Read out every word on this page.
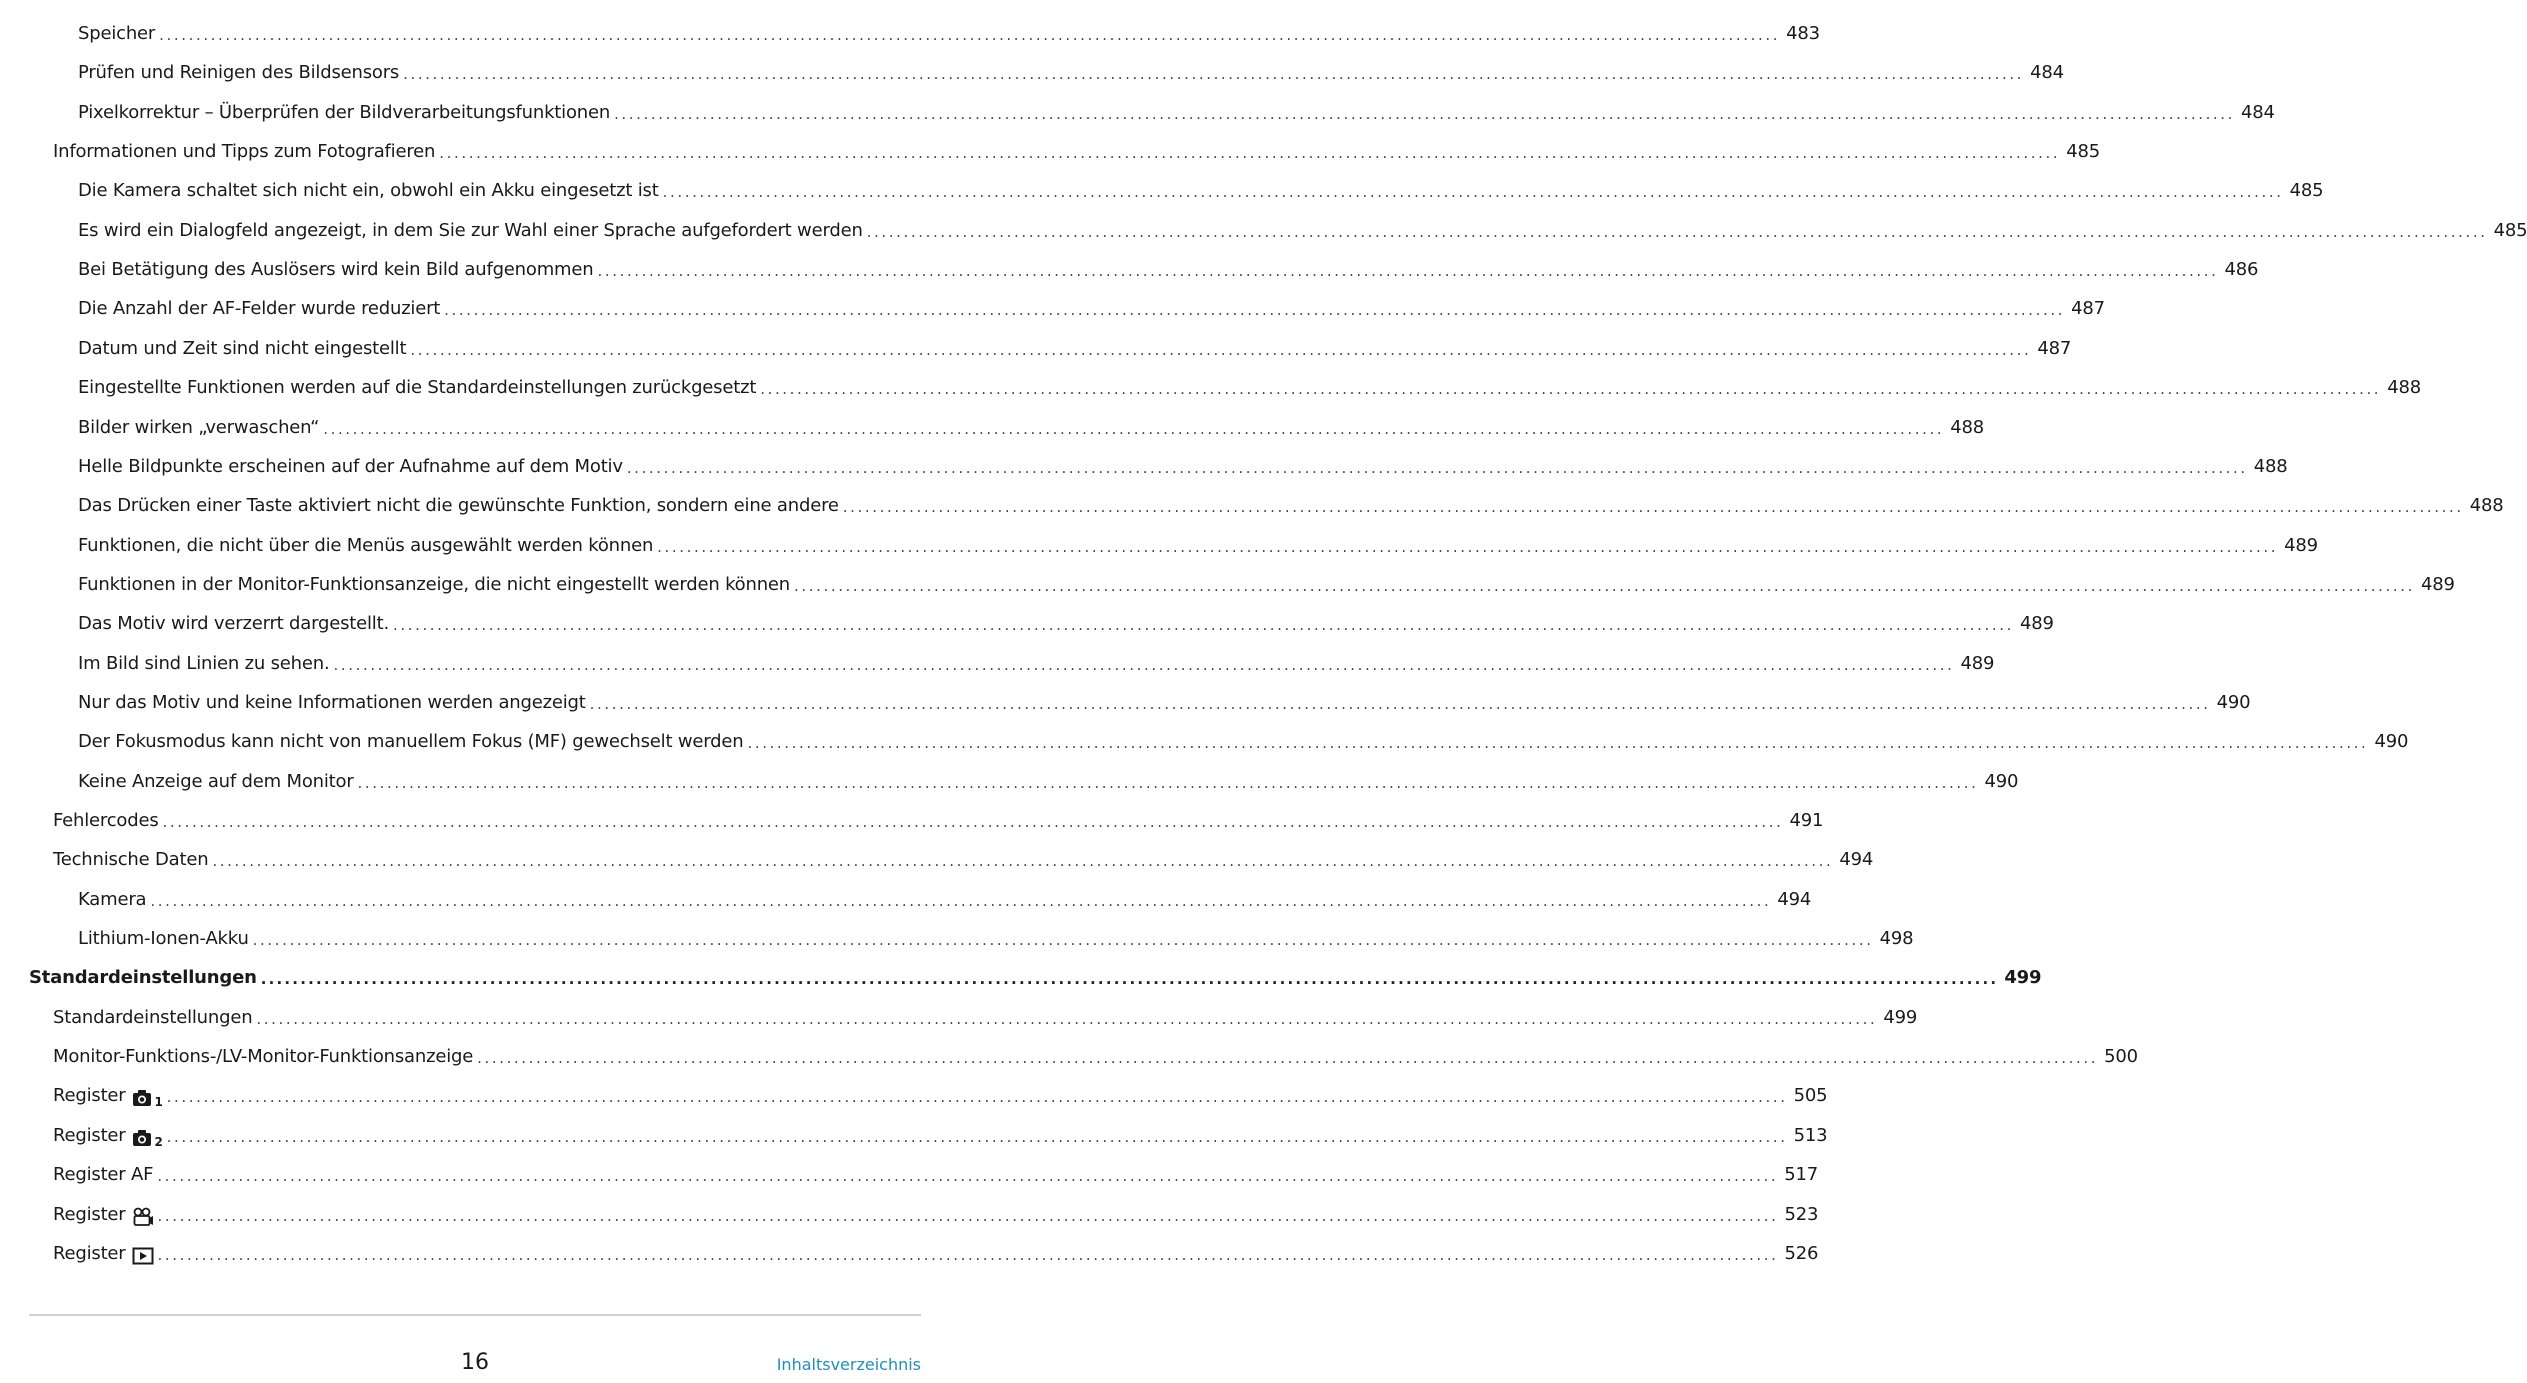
Speicher ............................................................................................................................................................................................................................ 483
Prüfen und Reinigen des Bildsensors ............................................................................................................................................................................................................................ 484
Pixelkorrektur – Überprüfen der Bildverarbeitungsfunktionen ............................................................................................................................................................................................................................ 484
Informationen und Tipps zum Fotografieren ............................................................................................................................................................................................................................ 485
Die Kamera schaltet sich nicht ein, obwohl ein Akku eingesetzt ist ............................................................................................................................................................................................................................ 485
Es wird ein Dialogfeld angezeigt, in dem Sie zur Wahl einer Sprache aufgefordert werden ............................................................................................................................................................................................................................ 485
Bei Betätigung des Auslösers wird kein Bild aufgenommen ............................................................................................................................................................................................................................ 486
Die Anzahl der AF-Felder wurde reduziert ............................................................................................................................................................................................................................ 487
Datum und Zeit sind nicht eingestellt ............................................................................................................................................................................................................................ 487
Eingestellte Funktionen werden auf die Standardeinstellungen zurückgesetzt ............................................................................................................................................................................................................................ 488
Bilder wirken „verwaschen“ ............................................................................................................................................................................................................................ 488
Helle Bildpunkte erscheinen auf der Aufnahme auf dem Motiv ............................................................................................................................................................................................................................ 488
Das Drücken einer Taste aktiviert nicht die gewünschte Funktion, sondern eine andere ............................................................................................................................................................................................................................ 488
Funktionen, die nicht über die Menüs ausgewählt werden können ............................................................................................................................................................................................................................ 489
Funktionen in der Monitor-Funktionsanzeige, die nicht eingestellt werden können ............................................................................................................................................................................................................................ 489
Das Motiv wird verzerrt dargestellt. ............................................................................................................................................................................................................................ 489
Im Bild sind Linien zu sehen. ............................................................................................................................................................................................................................ 489
Nur das Motiv und keine Informationen werden angezeigt ............................................................................................................................................................................................................................ 490
Der Fokusmodus kann nicht von manuellem Fokus (MF) gewechselt werden ............................................................................................................................................................................................................................ 490
Keine Anzeige auf dem Monitor ............................................................................................................................................................................................................................ 490
Fehlercodes ............................................................................................................................................................................................................................ 491
Technische Daten ............................................................................................................................................................................................................................ 494
Kamera ............................................................................................................................................................................................................................ 494
Lithium-Ionen-Akku ............................................................................................................................................................................................................................ 498
Standardeinstellungen ............................................................................................................................................................................................................................ 499
Standardeinstellungen ............................................................................................................................................................................................................................ 499
Monitor-Funktions-/LV-Monitor-Funktionsanzeige ............................................................................................................................................................................................................................ 500
Register $_1$ ............................................................................................................................................................................................................................ 505
Register $_2$ ............................................................................................................................................................................................................................ 513
Register AF ............................................................................................................................................................................................................................ 517
Register ............................................................................................................................................................................................................................ 523
Register ............................................................................................................................................................................................................................ 526
16	Inhaltsverzeichnis
